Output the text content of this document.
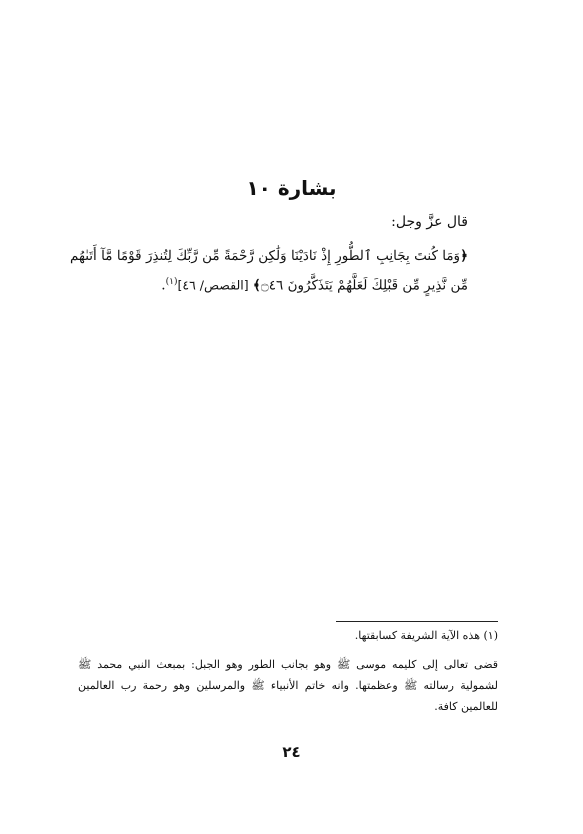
بشارة ١٠
قال عزَّ وجل:
﴿وَمَا كُنتَ بِجَانِبِ ٱلطُّورِ إِذْ نَادَيْنَا وَلَٰكِن رَّحْمَةً مِّن رَّبِّكَ لِتُنذِرَ قَوْمًا مَّآ أَتَىٰهُم مِّن نَّذِيرٍ مِّن قَبْلِكَ لَعَلَّهُمْ يَتَذَكَّرُونَ ۝٤٦﴾ [القصص/ ٤٦]$^{(١)}$.
(١) هذه الآية الشريفة كسابقتها.
قضى تعالى إلى كليمه موسى ﷺ وهو بجانب الطور وهو الجبل: بمبعث النبي محمد ﷺ لشمولية رسالته ﷺ وعظمتها. وانه خاتم الأنبياء ﷺ والمرسلين وهو رحمة رب العالمين للعالمين كافة.
٢٤
